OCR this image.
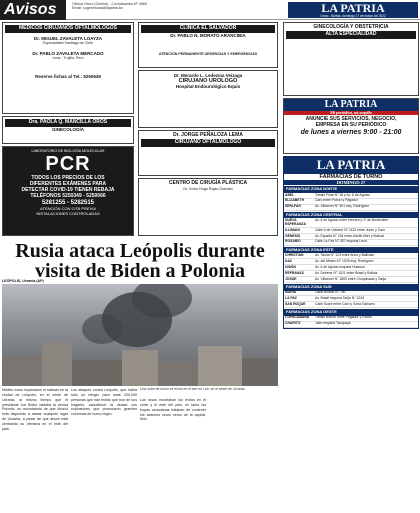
Avisos	Oficina Oruro (Central) - Cochabamba Nº 4660
Email: sugerencias@lapatria.bo	LA PATRIA
Oruro - Bolivia, domingo 27 de marzo de 2022
MÉDICOS CIRUJANOS OFTALMÓLOGOS
Dr. MIGUEL ZAVALETA LOAYZA
Especialidad Santiago de Chile
Dr. PABLO ZAVALETA MERCADO
Lima - Trujillo, Perú
Reserve fichas al Tel.: 5250649
Dra. PAOLA Q. MANCILLA OROS
GINECOLOGÍA
LABORATORIO DE BIOLOGÍA MOLECULAR
PCR
TODOS LOS PRECIOS DE LOS
DIFERENTES EXÁMENES PARA
DETECTAR COVID-19 TIENEN REBAJA
TELÉFONOS 5250349 - 5250066
5281255 - 5282515
ATENCIÓN CON CITA PREVIA
INSTALACIONES CONTROLADAS
CLÍNICA EL SALVADOR
Dr. PABLO N. MORATO ARANCIBIA
ATENCIÓN PERMANENTE URGENCIAS Y EMERGENCIAS
Dr. Merardo L. Ledezma Veizaga
CIRUJANO UROLOGO
Hospital Endourológico Equis
Dr. JORGE PEÑALOZA LEMA
CIRUJANO OFTALMÓLOGO
CENTRO DE CIRUGÍA PLÁSTICA
Dr. Víctor Hugo Rojas Guzmán
GINECOLOGÍA Y OBSTETRICIA
ALTA ESPECIALIDAD
LA PATRIA
Mi periódico, mi orgullo
ANUNCIE SUS SERVICIOS, NEGOCIO,
EMPRESA EN SU PERIÓDICO
de lunes a viernes 9:00 - 21:00
LA PATRIA
FARMACIAS DE TURNO
DOMINGO 27
FARMACIAS ZONA NORTE
ABEL	Tomás Frías N° 45 y Av. 6 de Agosto
ELIZABETH	Caro entre Potosí y Pagador
SERI-FAR	Av. Villarroel N° 301 esq. Rodríguez
FARMACIAS ZONA CENTRAL
NUEVA ESPERANZA
Av. 6 de Agosto entre Herrera y 1º de Noviembre
ILLIMANI	Calle 6 de Octubre N° 1132 entre Junín y Caro
GÉNESIS	Av. España N° 234 entre Adolfo Mier y Bolívar
ROSARIO	Calle La Paz N° 457 esquina León
FARMACIAS ZONA ESTE
CHRISTIAN	Av. Tacna N° 123 entre Arica y Ballivián
DAZ	Av. del Minero N° 1025 esq. Rodríguez
UNIÓN	Av. 6 de Agosto esquina Huanuni
REFRANAS	Av. Dehene N° 1021 entre Brasil y Bolivia
JOSUE	Av. Villarroel N° 1800 entre Chuquisaca y Tarija
FARMACIAS ZONA SUD
MARIA	Calle Bolívar N° 780
LA PAZ	Av. Brasil esquina Tarija N° 1243
SAN ROQUE	Calle Sucre entre Caro y Soria Galvarro
FARMACIAS ZONA OESTE
COPACABANA	Tomas Barrón entre Pagador y Potosí
CHARITO	Jaén esquina Tacopaya
Rusia ataca Leópolis durante visita de Biden a Polonia
LEÓPOLIS, Ucrania (AP)
Una nube de humo se eleva en el aire en Lviv, en el oeste de Ucrania.
Misiles rusos impactaron el sábado en la ciudad de Leópolis, en el oeste de Ucrania, al mismo tiempo que el presidente Joe Biden visitaba la vecina Polonia, un recordatorio de que Moscú está dispuesto a atacar cualquier lugar de Ucrania, a pesar de que ahora está centrando su ofensiva en el este del país.
Los ataques contra Leópolis, que había sido un refugio para unas 200.000 personas que han tenido que huir de sus hogares, sacudieron la ciudad con explosiones que provocaron grandes columnas de humo negro.
Los rusos mostraban los éxitos en el norte y el este del país, en tanto las tropas ucranianas trataban de contener los avances rusos cerca de la capital, Kiev.
